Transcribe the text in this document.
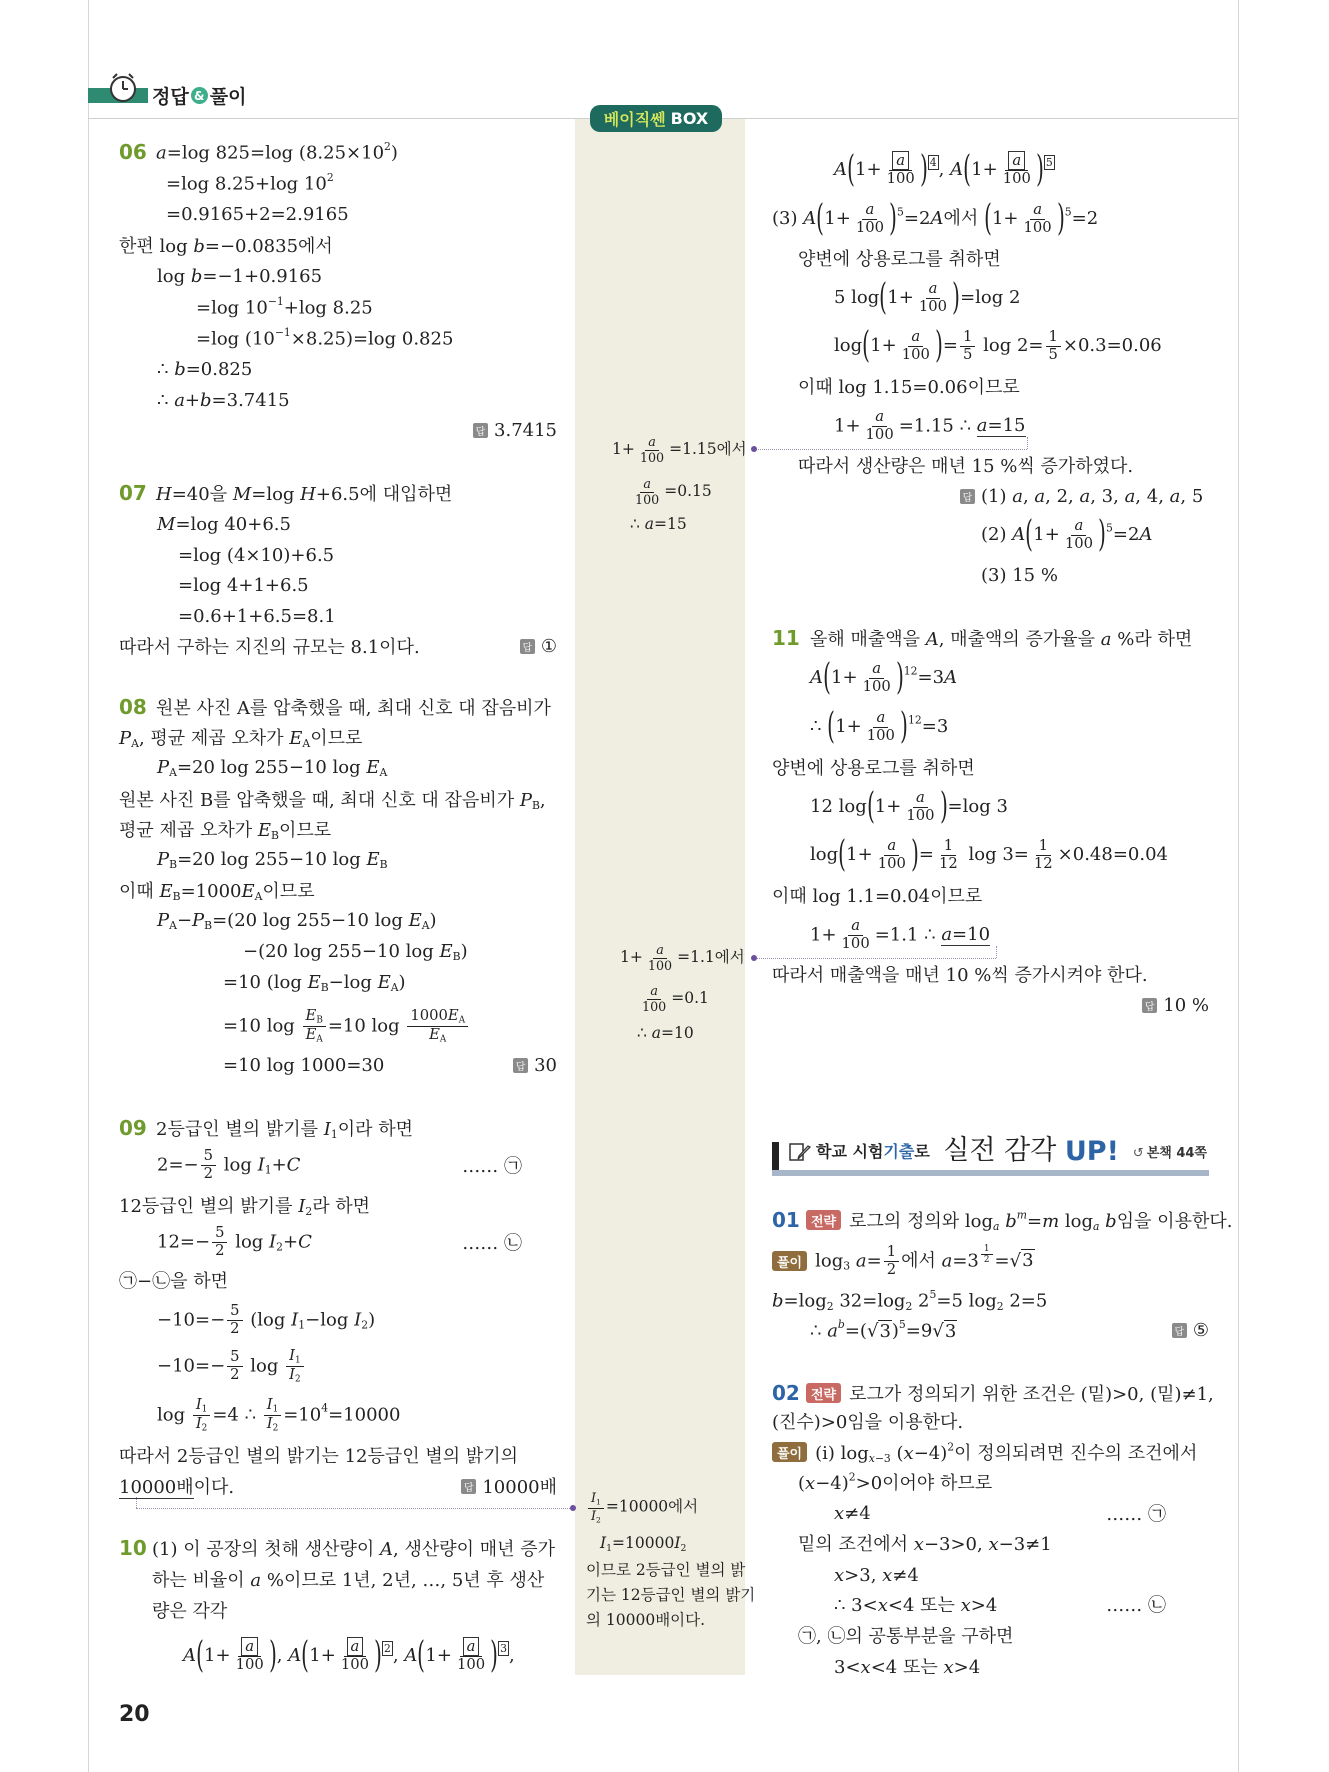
정답 & 풀이
베이직쎈 BOX
06 a=log 825=log $(8.25\times 10^2)$
=log 8.25+log $10^2$
=0.9165+2=2.9165
한편 log b=−0.0835에서
log b=−1+0.9165
=log $10^{-1}+\log$ 8.25
=log $(10^{-1}\times 8.25)=\log$ 0.825
∴ b=0.825
∴ a+b=3.7415
답 3.7415
07 H=40을 M=log H+6.5에 대입하면
M=log 40+6.5
=log (4×10)+6.5
=log 4+1+6.5
=0.6+1+6.5=8.1
따라서 구하는 지진의 규모는 8.1이다.	답 ①
08 원본 사진 A를 압축했을 때, 최대 신호 대 잡음비가
$P_A$, 평균 제곱 오차가 $E_A$이므로
$P_A=20$ log 255−10 $\log E_A$
원본 사진 B를 압축했을 때, 최대 신호 대 잡음비가 $P_B$,
평균 제곱 오차가 $E_B$이므로
$P_B=20$ log 255−10 $\log E_B$
이때 $E_B=1000E_A$이므로
$P_A-P_B=(20$ log 255−10 $\log E_A$)
−(20 log 255−10 $\log E_B$)
=10 (log $E_B-\log$ $E_A$)
=10 $\log \frac{E_B}{E_A} =10$ $\log \frac{1000E_A}{E_A}$
=10 log 1000=30	답 30
09 2등급인 별의 밝기를 $I_1$이라 하면
$2=- \frac{5}{2}$ $\log I_1+C$	…… ㉠
12등급인 별의 밝기를 $I_2$라 하면
$12=- \frac{5}{2}$ $\log I_2+C$	…… ㉡
㉠−㉡을 하면
$-10=- \frac{5}{2} (\log$ $I_1-\log$ $I_2$)
$-10=- \frac{5}{2}$ $\log \frac{I_1}{I_2}$
$\log \frac{I_1}{I_2} =4$ ∴ $\frac{I_1}{I_2} =10^4=10000$
따라서 2등급인 별의 밝기는 12등급인 별의 밝기의
10000배이다.	답 10000배
10 (1) 이 공장의 첫해 생산량이 A, 생산량이 매년 증가
하는 비율이 a %이므로 1년, 2년, …, 5년 후 생산
량은 각각
$A(1+ \frac{a}{100}$ ), $A(1+ \frac{a}{100}$ ) $^2$ , $A(1+ \frac{a}{100}$ ) $^3$ ,
$A(1+ \frac{a}{100}$ ) $^4$ , $A(1+ \frac{a}{100}$ ) $^5$
(3) $A(1+ \frac{a}{100} )^5=2A$에서 $(1+ \frac{a}{100} )^5=2$
양변에 상용로그를 취하면
5 $\log(1+ \frac{a}{100} )=\log$ 2
$\log(1+ \frac{a}{100}$ )= $\frac{1}{5}$ $\log 2= \frac{1}{5} \times 0.3=0.06$
이때 log 1.15=0.06이므로
$1+ \frac{a}{100} =1.15$ ∴ a=15
따라서 생산량은 매년 15 %씩 증가하였다.
답 (1) a, a, 2, a, 3, a, 4, a, 5
(2) $A(1+ \frac{a}{100} )^5=2A$
(3) 15 %
11 올해 매출액을 A, 매출액의 증가율을 a %라 하면
$A(1+ \frac{a}{100} )^{12}=3A$
∴ $(1+ \frac{a}{100} )^{12}=3$
양변에 상용로그를 취하면
12 $\log(1+ \frac{a}{100} )=\log$ 3
$\log(1+ \frac{a}{100}$ )= $\frac{1}{12}$ $\log 3= \frac{1}{12} \times 0.48=0.04$
이때 log 1.1=0.04이므로
$1+ \frac{a}{100} =1.1$ ∴ a=10
따라서 매출액을 매년 10 %씩 증가시켜야 한다.
답 10 %
$1+ \frac{a}{100} =1.15$에서
$\frac{a}{100} =0.15$
∴ a=15
$1+ \frac{a}{100} =1.1$에서
$\frac{a}{100} =0.1$
∴ a=10
$\frac{I_1}{I_2} =10000$에서
$I_1=10000I_2$
이므로 2등급인 별의 밝
기는 12등급인 별의 밝기
의 10000배이다.
학교 시험 기출 로 실전 감각 UP! ↺ 본책 44쪽
01 전략 로그의 정의와 $\log_a b^m=m$ $\log_a b$임을 이용한다.
풀이 $\log_3 a= \frac{1}{2}$ 에서 a=3 $^{\frac{1}{2}}$ =√3
$b=\log_2$ $32=\log_2$ $2^5=5$ $\log_2 2=5$
∴ $a^b=(√3)^5=9√3$	답 ⑤
02 전략 로그가 정의되기 위한 조건은 (밑)>0, (밑)≠1,
(진수)>0임을 이용한다.
풀이 (i) $\log_{x-3} (x-4)^2$이 정의되려면 진수의 조건에서
$(x-4)^2>0$이어야 하므로
x≠4	…… ㉠
밑의 조건에서 x−3>0, x−3≠1
x>3, x≠4
∴ 3<x<4 또는 x>4	…… ㉡
㉠, ㉡의 공통부분을 구하면
3<x<4 또는 x>4
20
